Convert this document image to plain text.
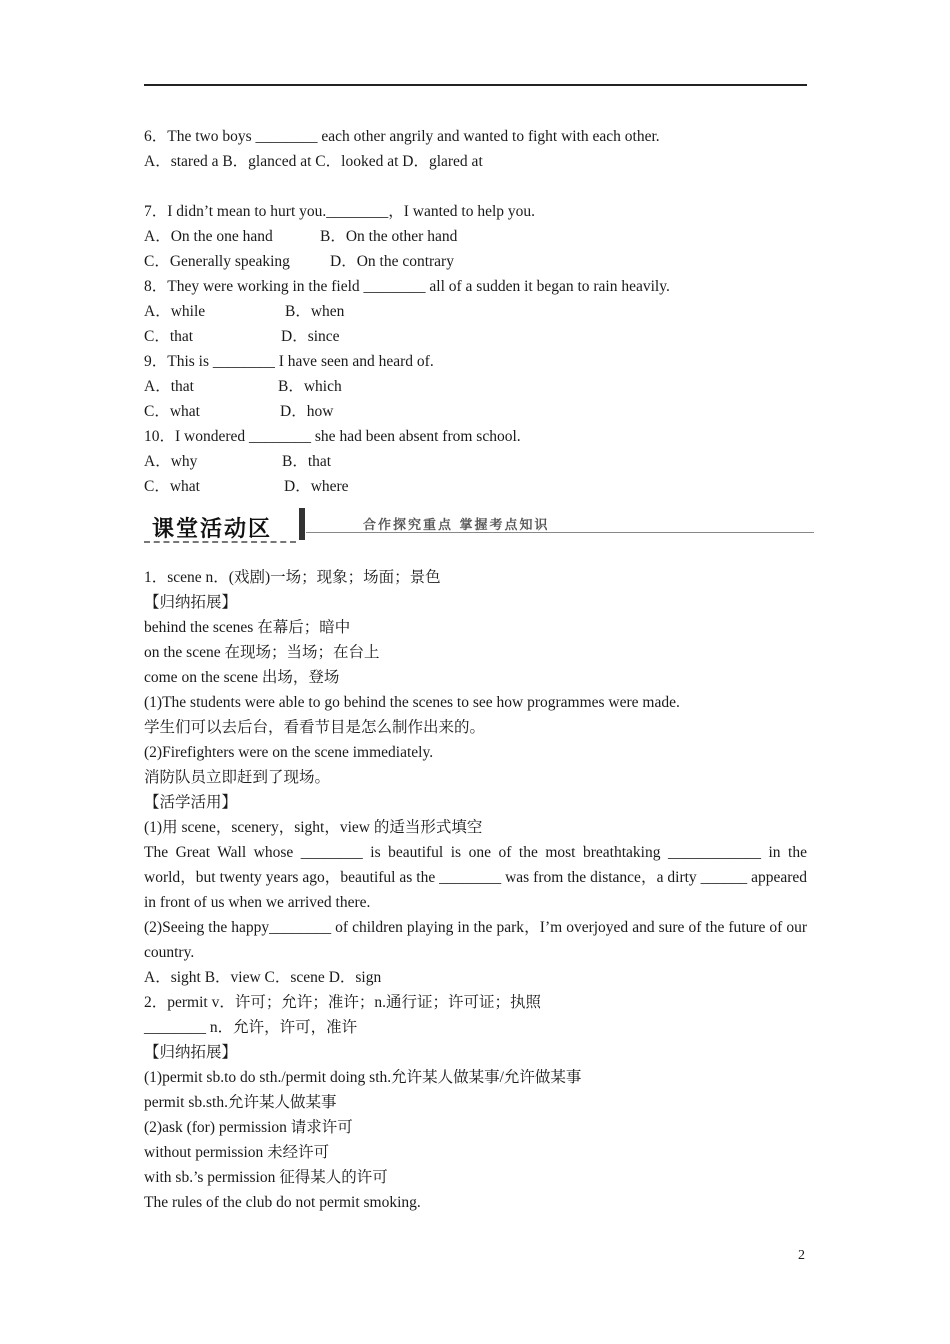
6．The two boys ________ each other angrily and wanted to fight with each other.
A．stared a B．glanced at C．looked at D．glared at
7．I didn’t mean to hurt you.________，I wanted to help you.
A．On the one hand	B．On the other hand
C．Generally speaking	D．On the contrary
8．They were working in the field ________ all of a sudden it began to rain heavily.
A．while	B．when
C．that	D．since
9．This is ________ I have seen and heard of.
A．that	B．which
C．what	D．how
10．I wondered ________ she had been absent from school.
A．why	B．that
C．what	D．where
课堂活动区	合作探究重点 掌握考点知识
1．scene n．(戏剧)一场；现象；场面；景色
【归纳拓展】
behind the scenes 在幕后；暗中
on the scene 在现场；当场；在台上
come on the scene 出场，登场
(1)The students were able to go behind the scenes to see how programmes were made.
学生们可以去后台，看看节目是怎么制作出来的。
(2)Firefighters were on the scene immediately.
消防队员立即赶到了现场。
【活学活用】
(1)用 scene，scenery，sight，view 的适当形式填空
The Great Wall whose ________ is beautiful is one of the most breathtaking ____________ in the world，but twenty years ago，beautiful as the ________ was from the distance，a dirty ______ appeared in front of us when we arrived there.
(2)Seeing the happy________ of children playing in the park，I’m overjoyed and sure of the future of our country.
A．sight B．view C．scene D．sign
2．permit v．许可；允许；准许；n.通行证；许可证；执照
________ n．允许，许可，准许
【归纳拓展】
(1)permit sb.to do sth./permit doing sth.允许某人做某事/允许做某事
permit sb.sth.允许某人做某事
(2)ask (for) permission 请求许可
without permission 未经许可
with sb.’s permission 征得某人的许可
The rules of the club do not permit smoking.
2
